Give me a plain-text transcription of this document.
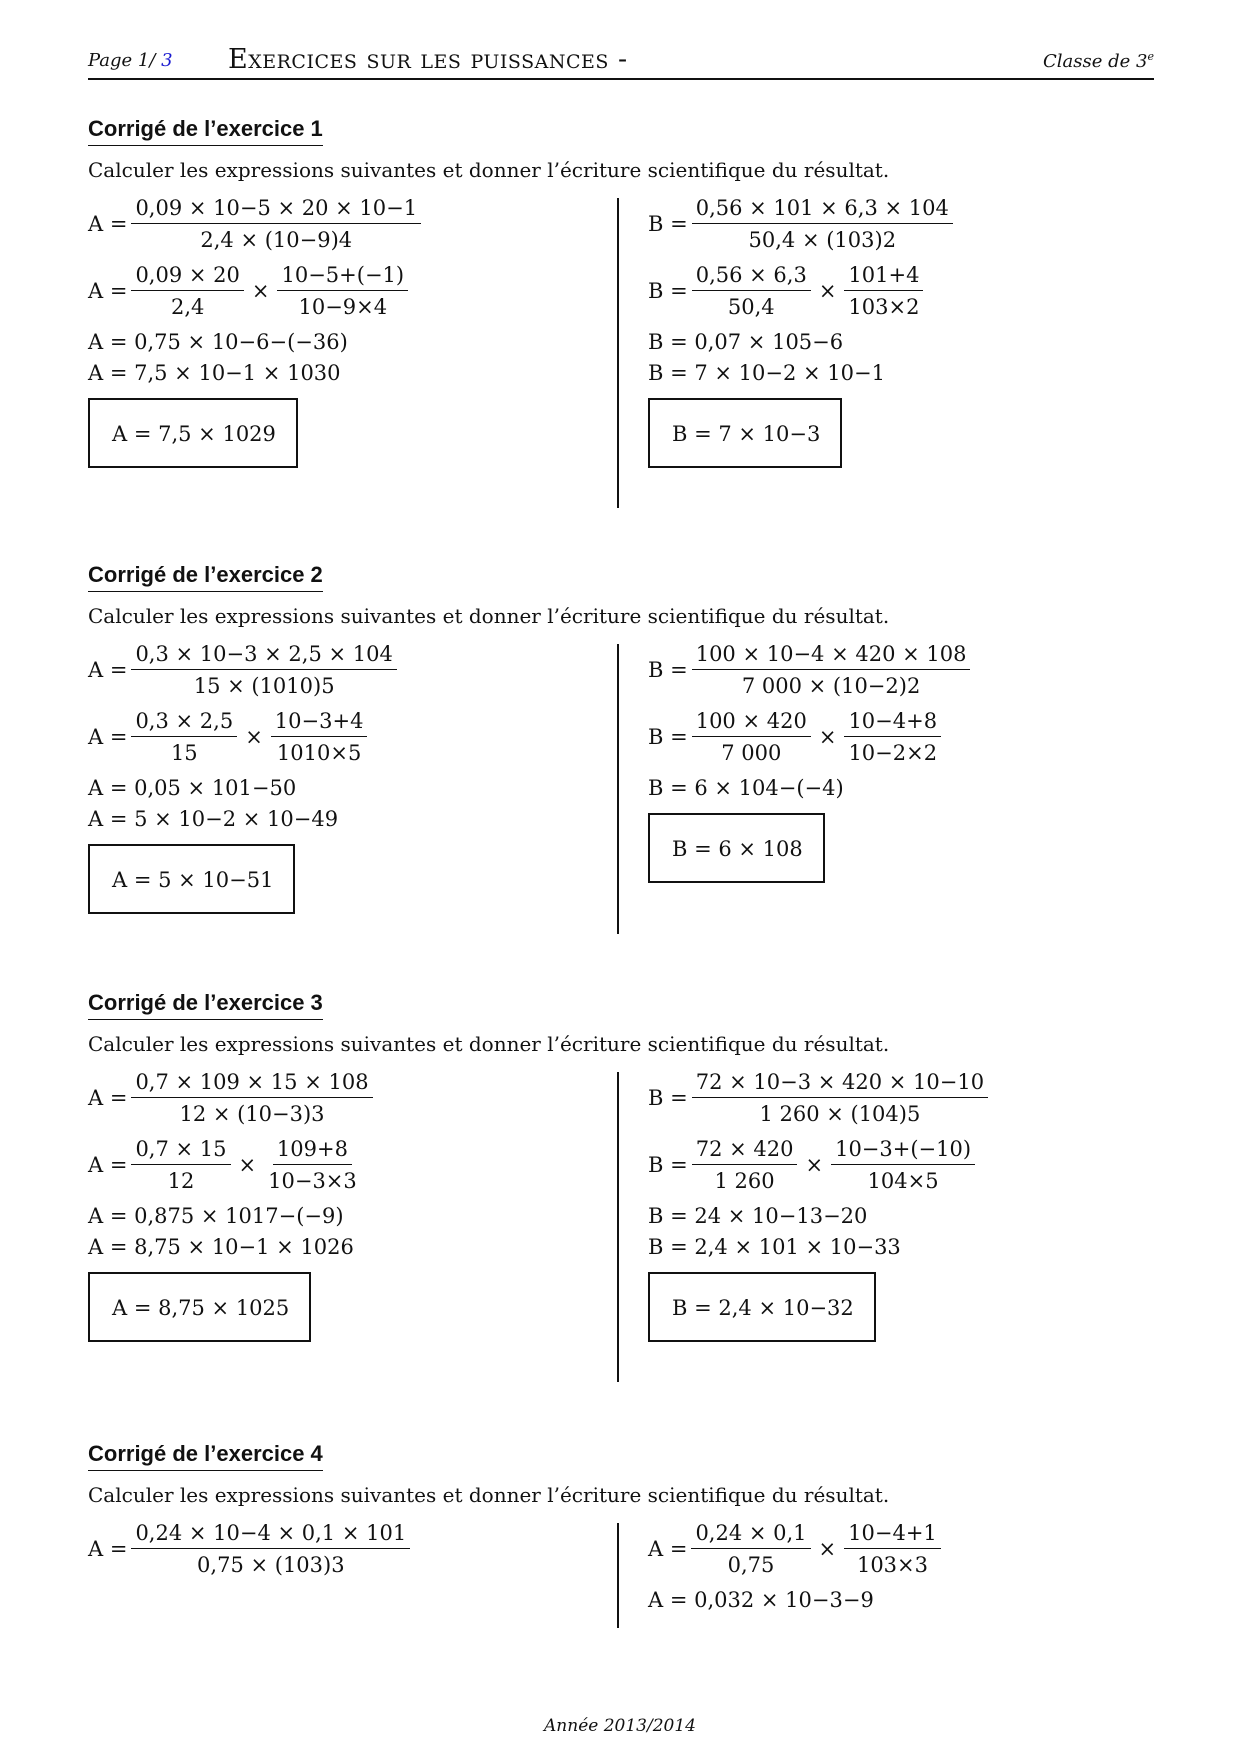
Page 1/ 3 Exercices sur les puissances -	Classe de 3e
Corrigé de l’exercice 1
Calculer les expressions suivantes et donner l’écriture scientifique du résultat.
$A = \frac{0,09 \times 10-5 \times 20 \times 10-1}{2,4 \times (10-9)4}$
$A = \frac{0,09 \times 20}{2,4} \times \frac{10-5+(-1)}{10-9\times 4}$
A = 0,75 × 10−6−(−36)
A = 7,5 × 10−1 × 1030
A = 7,5 × 1029
$B = \frac{0,56 \times 101 \times 6,3 \times 104}{50,4 \times (103)2}$
$B = \frac{0,56 \times 6,3}{50,4} \times \frac{101+4}{103\times 2}$
B = 0,07 × 105−6
B = 7 × 10−2 × 10−1
B = 7 × 10−3
Corrigé de l’exercice 2
Calculer les expressions suivantes et donner l’écriture scientifique du résultat.
$A = \frac{0,3 \times 10-3 \times 2,5 \times 104}{15 \times (1010)5}$
$A = \frac{0,3 \times 2,5}{15} \times \frac{10-3+4}{1010\times 5}$
A = 0,05 × 101−50
A = 5 × 10−2 × 10−49
A = 5 × 10−51
$B = \frac{100 \times 10-4 \times 420 \times 108}{7 000 \times (10-2)2}$
$B = \frac{100 \times 420}{7 000} \times \frac{10-4+8}{10-2\times 2}$
B = 6 × 104−(−4)
B = 6 × 108
Corrigé de l’exercice 3
Calculer les expressions suivantes et donner l’écriture scientifique du résultat.
$A = \frac{0,7 \times 109 \times 15 \times 108}{12 \times (10-3)3}$
$A = \frac{0,7 \times 15}{12} \times \frac{109+8}{10-3\times 3}$
A = 0,875 × 1017−(−9)
A = 8,75 × 10−1 × 1026
A = 8,75 × 1025
$B = \frac{72 \times 10-3 \times 420 \times 10-10}{1 260 \times (104)5}$
$B = \frac{72 \times 420}{1 260} \times \frac{10-3+(-10)}{104\times 5}$
B = 24 × 10−13−20
B = 2,4 × 101 × 10−33
B = 2,4 × 10−32
Corrigé de l’exercice 4
Calculer les expressions suivantes et donner l’écriture scientifique du résultat.
$A = \frac{0,24 \times 10-4 \times 0,1 \times 101}{0,75 \times (103)3}$	$A = \frac{0,24 \times 0,1}{0,75} \times \frac{10-4+1}{103\times 3}$
A = 0,032 × 10−3−9
Année 2013/2014
